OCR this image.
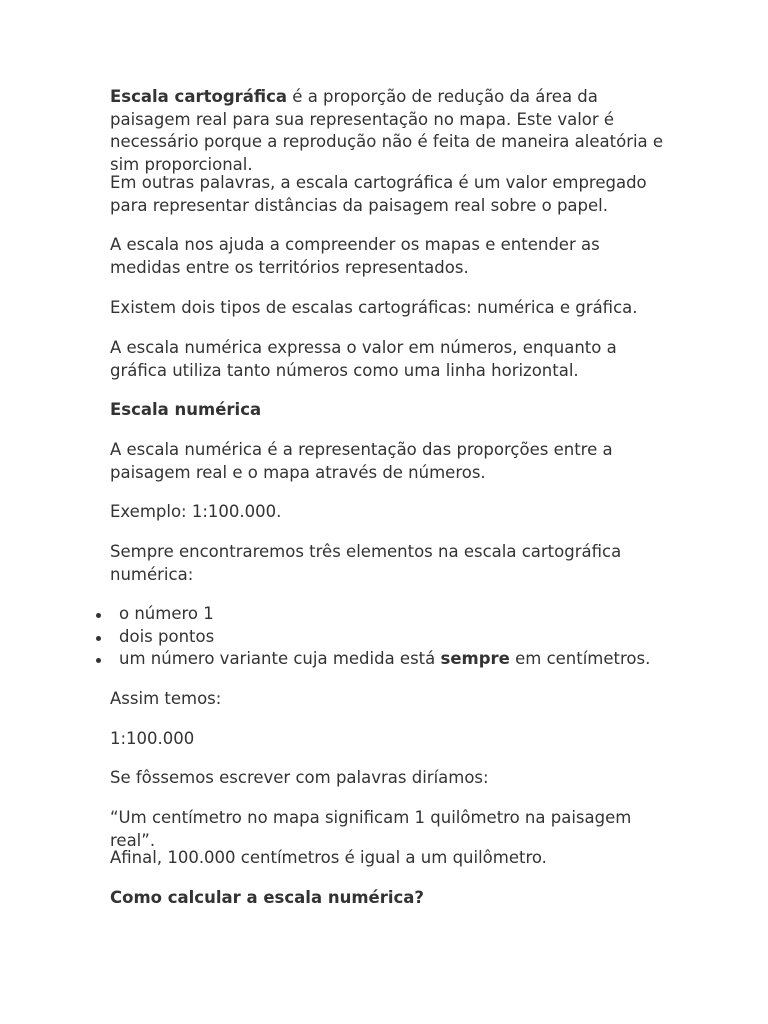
Escala cartográfica é a proporção de redução da área da paisagem real para sua representação no mapa. Este valor é necessário porque a reprodução não é feita de maneira aleatória e sim proporcional.

Em outras palavras, a escala cartográfica é um valor empregado para representar distâncias da paisagem real sobre o papel.

A escala nos ajuda a compreender os mapas e entender as medidas entre os territórios representados.

Existem dois tipos de escalas cartográficas: numérica e gráfica.

A escala numérica expressa o valor em números, enquanto a gráfica utiliza tanto números como uma linha horizontal.

Escala numérica

A escala numérica é a representação das proporções entre a paisagem real e o mapa através de números.

Exemplo: 1:100.000.

Sempre encontraremos três elementos na escala cartográfica numérica:

o número 1
dois pontos
um número variante cuja medida está sempre em centímetros.

Assim temos:

1:100.000

Se fôssemos escrever com palavras diríamos:

“Um centímetro no mapa significam 1 quilômetro na paisagem real”.

Afinal, 100.000 centímetros é igual a um quilômetro.

Como calcular a escala numérica?
